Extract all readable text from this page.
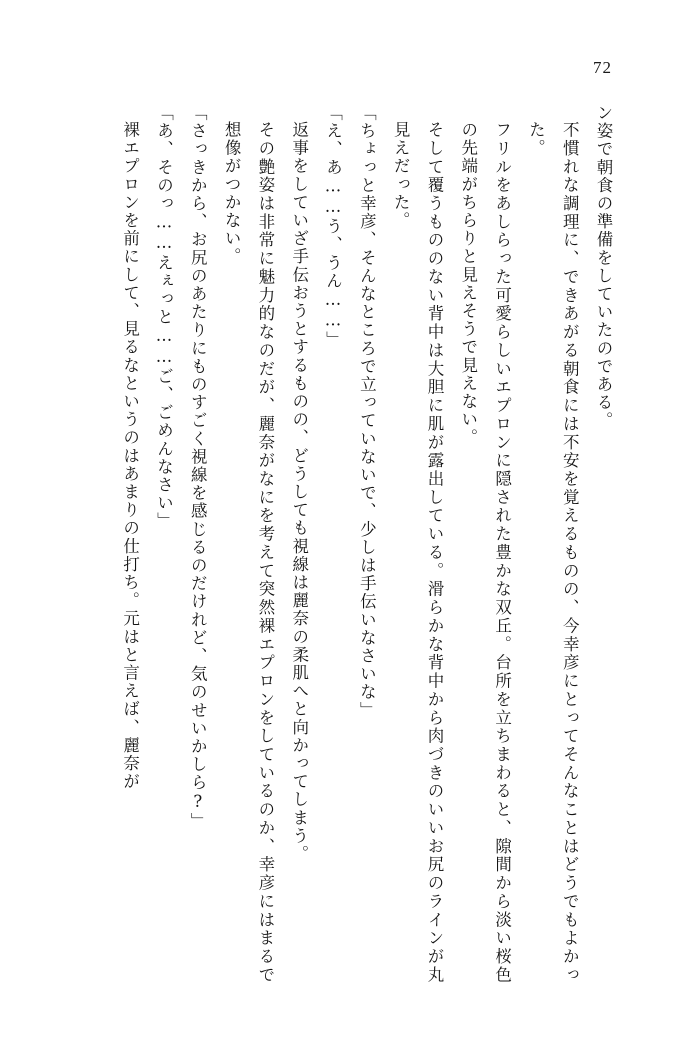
72

ン姿で朝食の準備をしていたのである。

不慣れな調理に、できあがる朝食には不安を覚えるものの、今幸彦にとってそんなことはどうでもよかった。

フリルをあしらった可愛らしいエプロンに隠された豊かな双丘。台所を立ちまわると、隙間から淡い桜色の先端がちらりと見えそうで見えない。

そして覆うもののない背中は大胆に肌が露出している。滑らかな背中から肉づきのいいお尻のラインが丸見えだった。

「ちょっと幸彦、そんなところで立っていないで、少しは手伝いなさいな」

「え、あ……う、うん……」

返事をしていざ手伝おうとするものの、どうしても視線は麗奈の柔肌へと向かってしまう。

その艶姿は非常に魅力的なのだが、麗奈がなにを考えて突然裸エプロンをしているのか、幸彦にはまるで想像がつかない。

「さっきから、お尻のあたりにものすごく視線を感じるのだけれど、気のせいかしら?」

「あ、そのっ……えぇっと……ご、ごめんなさい」

裸エプロンを前にして、見るなというのはあまりの仕打ち。元はと言えば、麗奈が
